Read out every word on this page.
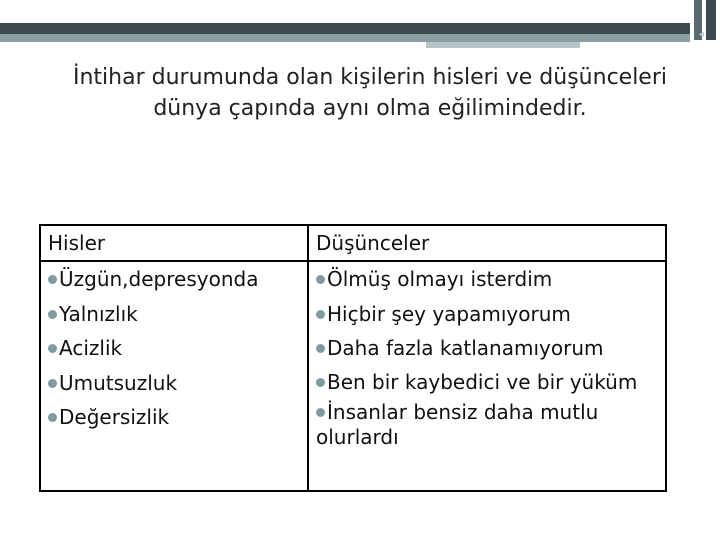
◂
İntihar durumunda olan kişilerin hisleri ve düşünceleri
dünya çapında aynı olma eğilimindedir.
Hisler
Üzgün,depresyonda
Yalnızlık
Acizlik
Umutsuzluk
Değersizlik
Düşünceler
Ölmüş olmayı isterdim
Hiçbir şey yapamıyorum
Daha fazla katlanamıyorum
Ben bir kaybedici ve bir yüküm
İnsanlar bensiz daha mutlu olurlardı
